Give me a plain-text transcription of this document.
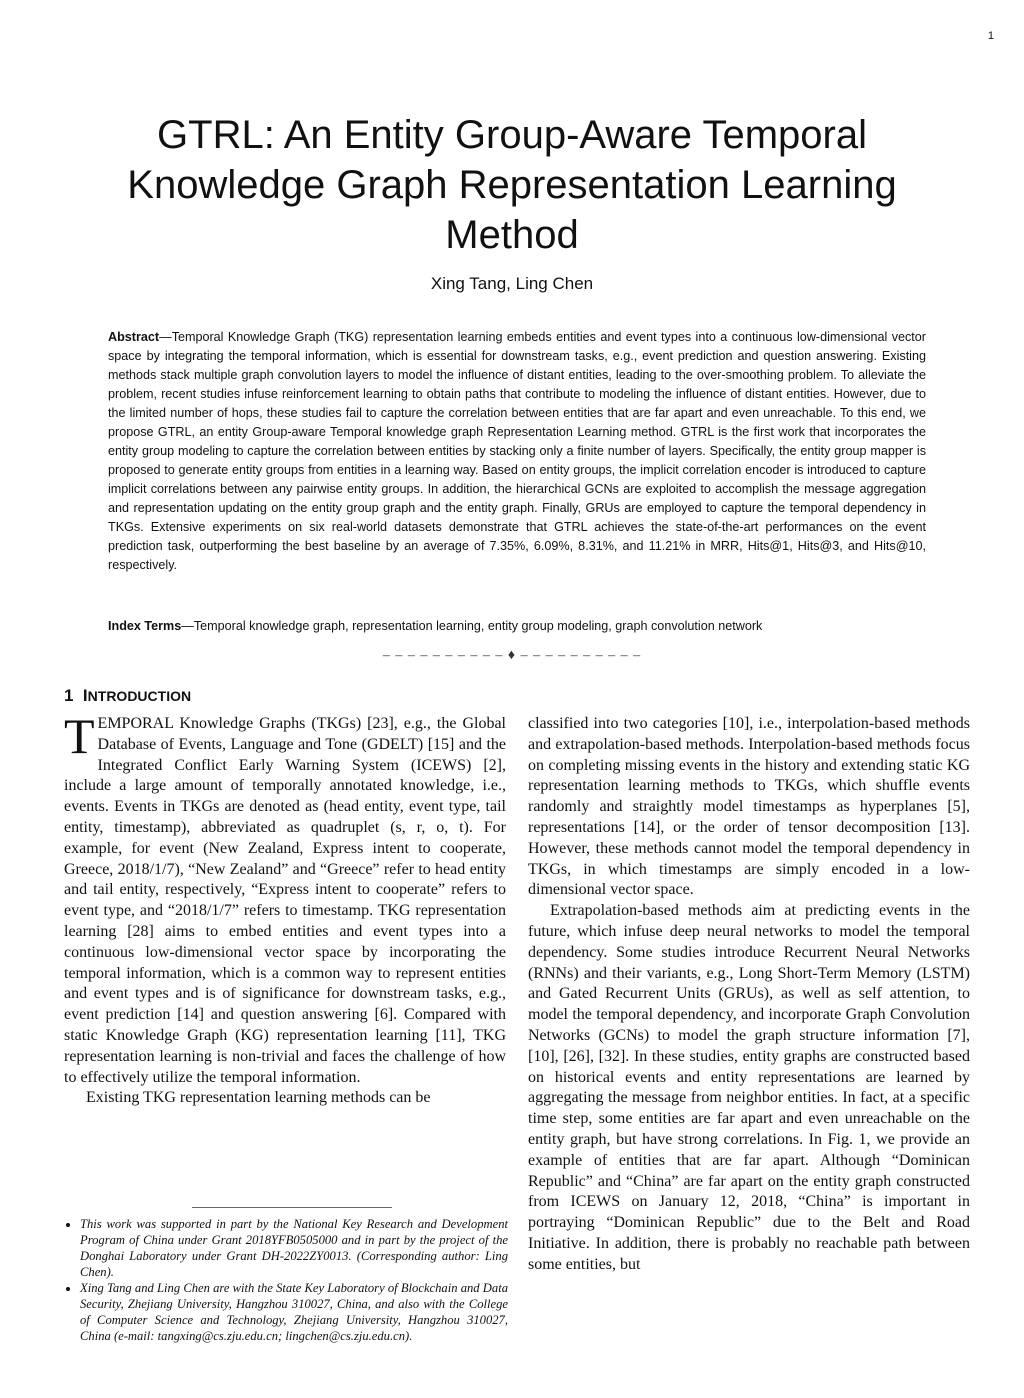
1
GTRL: An Entity Group-Aware Temporal Knowledge Graph Representation Learning Method
Xing Tang, Ling Chen
Abstract—Temporal Knowledge Graph (TKG) representation learning embeds entities and event types into a continuous low-dimensional vector space by integrating the temporal information, which is essential for downstream tasks, e.g., event prediction and question answering. Existing methods stack multiple graph convolution layers to model the influence of distant entities, leading to the over-smoothing problem. To alleviate the problem, recent studies infuse reinforcement learning to obtain paths that contribute to modeling the influence of distant entities. However, due to the limited number of hops, these studies fail to capture the correlation between entities that are far apart and even unreachable. To this end, we propose GTRL, an entity Group-aware Temporal knowledge graph Representation Learning method. GTRL is the first work that incorporates the entity group modeling to capture the correlation between entities by stacking only a finite number of layers. Specifically, the entity group mapper is proposed to generate entity groups from entities in a learning way. Based on entity groups, the implicit correlation encoder is introduced to capture implicit correlations between any pairwise entity groups. In addition, the hierarchical GCNs are exploited to accomplish the message aggregation and representation updating on the entity group graph and the entity graph. Finally, GRUs are employed to capture the temporal dependency in TKGs. Extensive experiments on six real-world datasets demonstrate that GTRL achieves the state-of-the-art performances on the event prediction task, outperforming the best baseline by an average of 7.35%, 6.09%, 8.31%, and 11.21% in MRR, Hits@1, Hits@3, and Hits@10, respectively.
Index Terms—Temporal knowledge graph, representation learning, entity group modeling, graph convolution network
– – – – – – – – – – ♦ – – – – – – – – – –
1 INTRODUCTION

TEMPORAL Knowledge Graphs (TKGs) [23], e.g., the Global Database of Events, Language and Tone (GDELT) [15] and the Integrated Conflict Early Warning System (ICEWS) [2], include a large amount of temporally annotated knowledge, i.e., events. Events in TKGs are denoted as (head entity, event type, tail entity, timestamp), abbreviated as quadruplet (s, r, o, t). For example, for event (New Zealand, Express intent to cooperate, Greece, 2018/1/7), “New Zealand” and “Greece” refer to head entity and tail entity, respectively, “Express intent to cooperate” refers to event type, and “2018/1/7” refers to timestamp. TKG representation learning [28] aims to embed entities and event types into a continuous low-dimensional vector space by incorporating the temporal information, which is a common way to represent entities and event types and is of significance for downstream tasks, e.g., event prediction [14] and question answering [6]. Compared with static Knowledge Graph (KG) representation learning [11], TKG representation learning is non-trivial and faces the challenge of how to effectively utilize the temporal information.

Existing TKG representation learning methods can be

• This work was supported in part by the National Key Research and Development Program of China under Grant 2018YFB0505000 and in part by the project of the Donghai Laboratory under Grant DH-2022ZY0013. (Corresponding author: Ling Chen).
• Xing Tang and Ling Chen are with the State Key Laboratory of Blockchain and Data Security, Zhejiang University, Hangzhou 310027, China, and also with the College of Computer Science and Technology, Zhejiang University, Hangzhou 310027, China (e-mail: tangxing@cs.zju.edu.cn; lingchen@cs.zju.edu.cn).

classified into two categories [10], i.e., interpolation-based methods and extrapolation-based methods. Interpolation-based methods focus on completing missing events in the history and extending static KG representation learning methods to TKGs, which shuffle events randomly and straightly model timestamps as hyperplanes [5], representations [14], or the order of tensor decomposition [13]. However, these methods cannot model the temporal dependency in TKGs, in which timestamps are simply encoded in a low-dimensional vector space.

Extrapolation-based methods aim at predicting events in the future, which infuse deep neural networks to model the temporal dependency. Some studies introduce Recurrent Neural Networks (RNNs) and their variants, e.g., Long Short-Term Memory (LSTM) and Gated Recurrent Units (GRUs), as well as self attention, to model the temporal dependency, and incorporate Graph Convolution Networks (GCNs) to model the graph structure information [7], [10], [26], [32]. In these studies, entity graphs are constructed based on historical events and entity representations are learned by aggregating the message from neighbor entities. In fact, at a specific time step, some entities are far apart and even unreachable on the entity graph, but have strong correlations. In Fig. 1, we provide an example of entities that are far apart. Although “Dominican Republic” and “China” are far apart on the entity graph constructed from ICEWS on January 12, 2018, “China” is important in portraying “Dominican Republic” due to the Belt and Road Initiative. In addition, there is probably no reachable path between some entities, but
